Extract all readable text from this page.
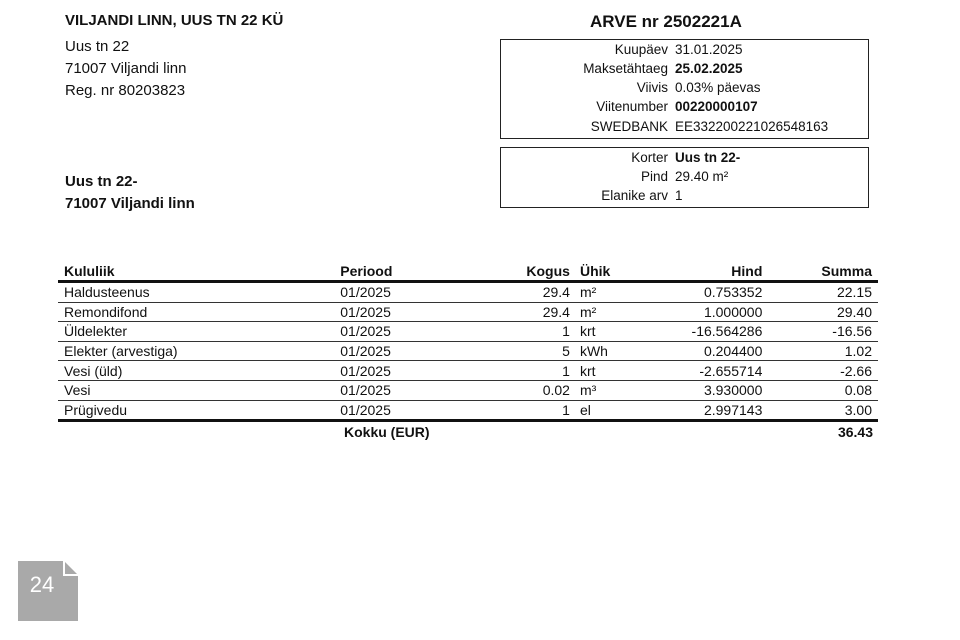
VILJANDI LINN, UUS TN 22 KÜ
Uus tn 22
71007 Viljandi linn
Reg. nr 80203823
ARVE nr 2502221A
Kuupäev 31.01.2025
Maksetähtaeg 25.02.2025
Viivis 0.03% päevas
Viitenumber 00220000107
SWEDBANK EE332200221026548163
Korter Uus tn 22-
Pind 29.40 m²
Elanike arv 1
Uus tn 22-
71007 Viljandi linn
Kululiik	Periood	Kogus	Ühik	Hind	Summa
Haldusteenus	01/2025	29.4	m²	0.753352	22.15
Remondifond	01/2025	29.4	m²	1.000000	29.40
Üldelekter	01/2025	1	krt	-16.564286	-16.56
Elekter (arvestiga)	01/2025	5	kWh	0.204400	1.02
Vesi (üld)	01/2025	1	krt	-2.655714	-2.66
Vesi	01/2025	0.02	m³	3.930000	0.08
Prügivedu	01/2025	1	el	2.997143	3.00
Kokku (EUR)	36.43
24
